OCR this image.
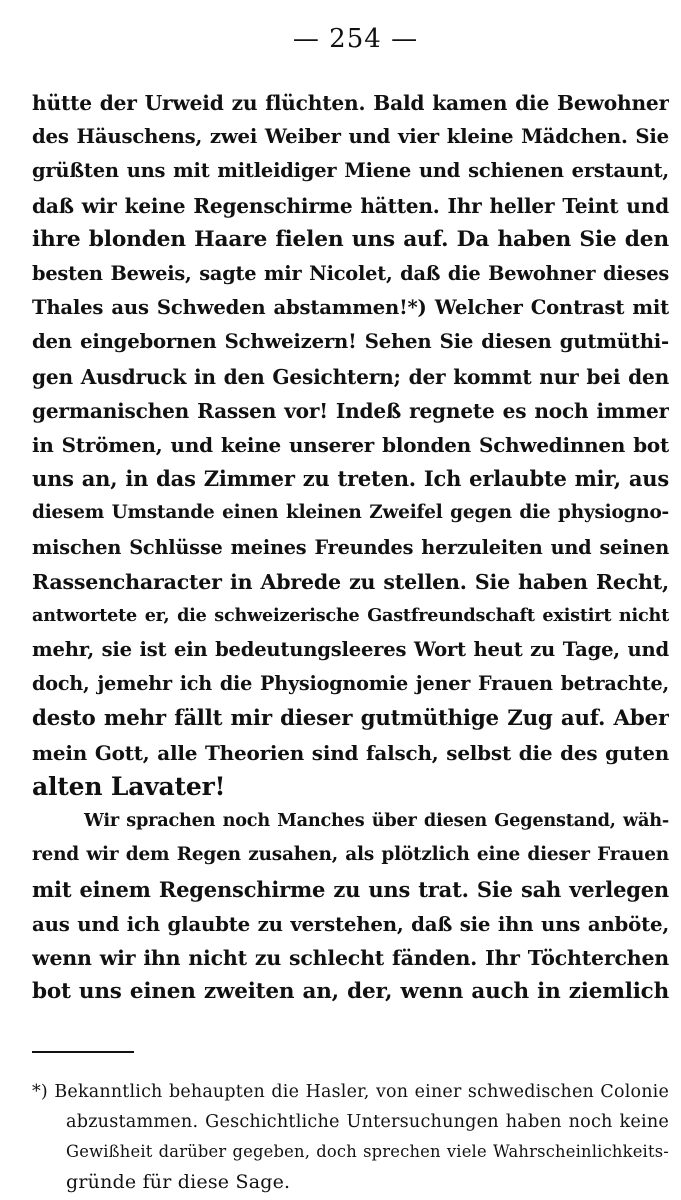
— 254 —
hütte der Urweid zu flüchten. Bald kamen die Bewohner
des Häuschens, zwei Weiber und vier kleine Mädchen. Sie
grüßten uns mit mitleidiger Miene und schienen erstaunt,
daß wir keine Regenschirme hätten. Ihr heller Teint und
ihre blonden Haare fielen uns auf. Da haben Sie den
besten Beweis, sagte mir Nicolet, daß die Bewohner dieses
Thales aus Schweden abstammen!*) Welcher Contrast mit
den eingebornen Schweizern! Sehen Sie diesen gutmüthi-
gen Ausdruck in den Gesichtern; der kommt nur bei den
germanischen Rassen vor! Indeß regnete es noch immer
in Strömen, und keine unserer blonden Schwedinnen bot
uns an, in das Zimmer zu treten. Ich erlaubte mir, aus
diesem Umstande einen kleinen Zweifel gegen die physiogno-
mischen Schlüsse meines Freundes herzuleiten und seinen
Rassencharacter in Abrede zu stellen. Sie haben Recht,
antwortete er, die schweizerische Gastfreundschaft existirt nicht
mehr, sie ist ein bedeutungsleeres Wort heut zu Tage, und
doch, jemehr ich die Physiognomie jener Frauen betrachte,
desto mehr fällt mir dieser gutmüthige Zug auf. Aber
mein Gott, alle Theorien sind falsch, selbst die des guten
alten Lavater!
Wir sprachen noch Manches über diesen Gegenstand, wäh-
rend wir dem Regen zusahen, als plötzlich eine dieser Frauen
mit einem Regenschirme zu uns trat. Sie sah verlegen
aus und ich glaubte zu verstehen, daß sie ihn uns anböte,
wenn wir ihn nicht zu schlecht fänden. Ihr Töchterchen
bot uns einen zweiten an, der, wenn auch in ziemlich
*) Bekanntlich behaupten die Hasler, von einer schwedischen Colonie
abzustammen. Geschichtliche Untersuchungen haben noch keine
Gewißheit darüber gegeben, doch sprechen viele Wahrscheinlichkeits-
gründe für diese Sage.
